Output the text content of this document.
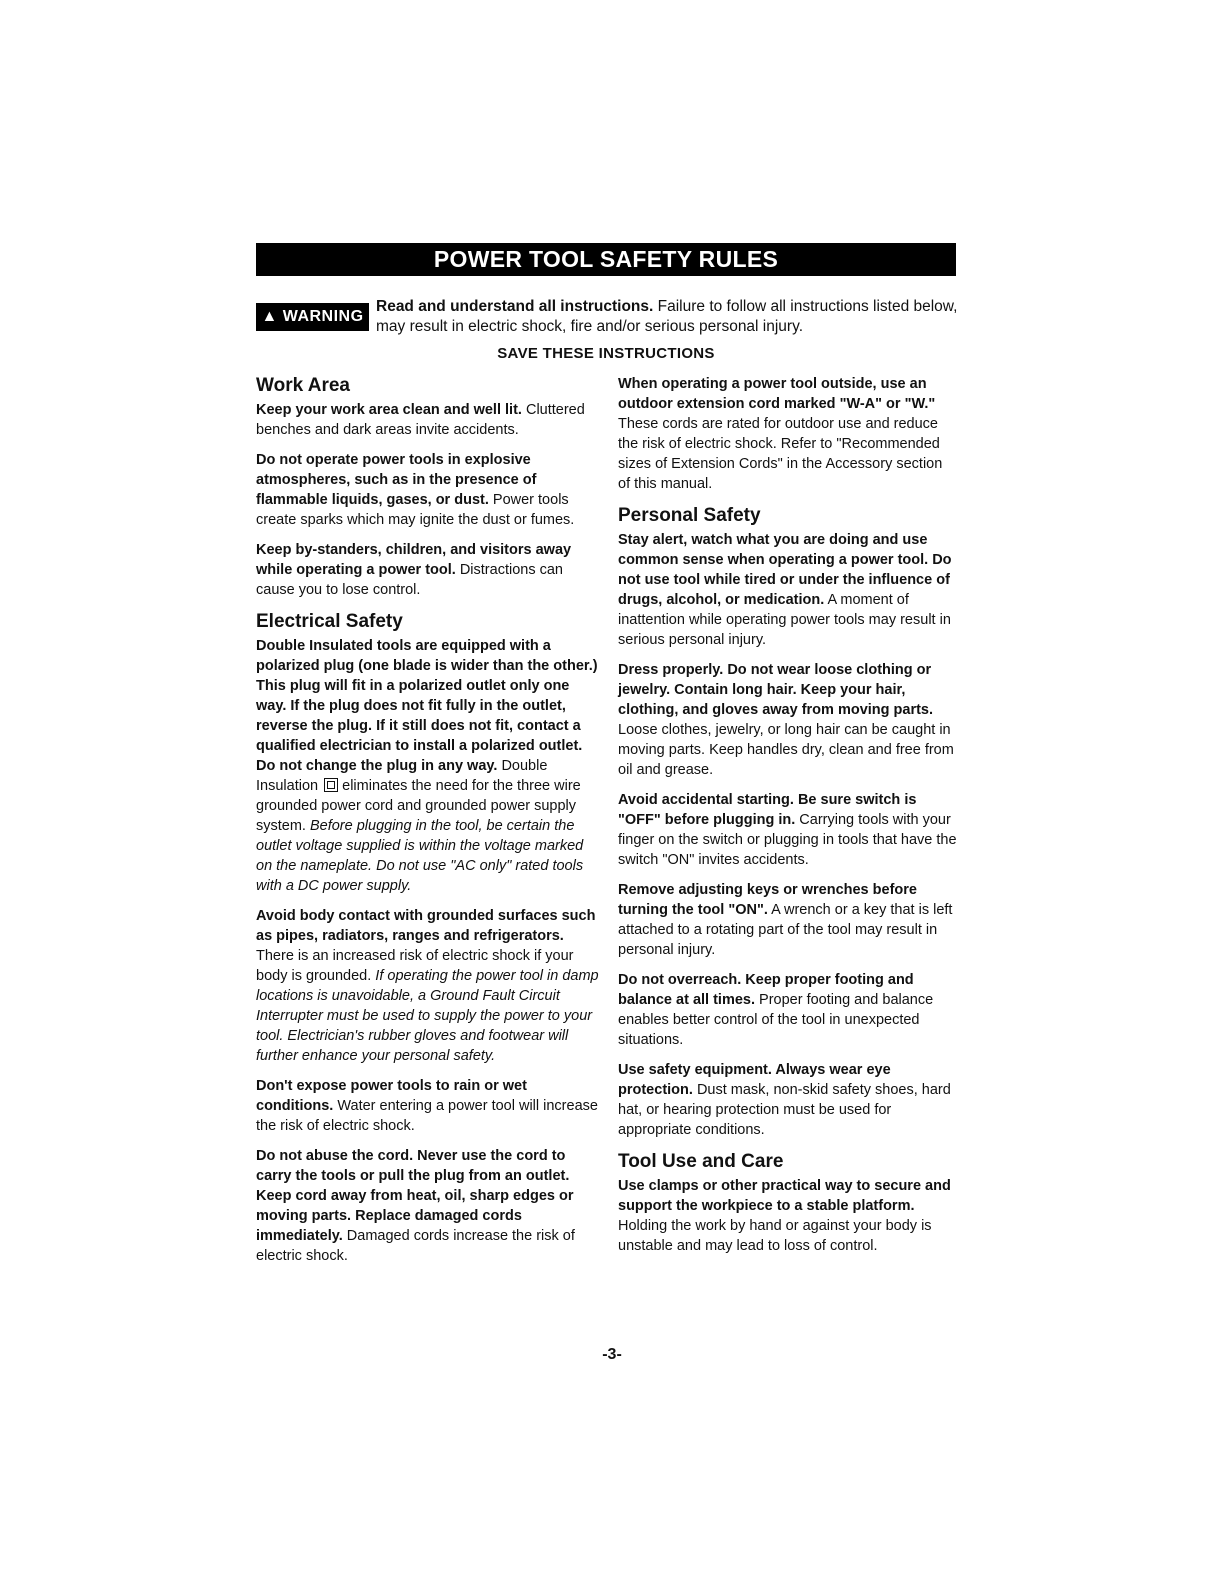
POWER TOOL SAFETY RULES
▲ WARNING
Read and understand all instructions. Failure to follow all instructions listed below, may result in electric shock, fire and/or serious personal injury.
SAVE THESE INSTRUCTIONS
Work Area

Keep your work area clean and well lit. Cluttered benches and dark areas invite accidents.

Do not operate power tools in explosive atmospheres, such as in the presence of flammable liquids, gases, or dust. Power tools create sparks which may ignite the dust or fumes.

Keep by-standers, children, and visitors away while operating a power tool. Distractions can cause you to lose control.

Electrical Safety

Double Insulated tools are equipped with a polarized plug (one blade is wider than the other.) This plug will fit in a polarized outlet only one way. If the plug does not fit fully in the outlet, reverse the plug. If it still does not fit, contact a qualified electrician to install a polarized outlet. Do not change the plug in any way. Double Insulation  eliminates the need for the three wire grounded power cord and grounded power supply system. Before plugging in the tool, be certain the outlet voltage supplied is within the voltage marked on the nameplate. Do not use "AC only" rated tools with a DC power supply.

Avoid body contact with grounded surfaces such as pipes, radiators, ranges and refrigerators. There is an increased risk of electric shock if your body is grounded. If operating the power tool in damp locations is unavoidable, a Ground Fault Circuit Interrupter must be used to supply the power to your tool. Electrician's rubber gloves and footwear will further enhance your personal safety.

Don't expose power tools to rain or wet conditions. Water entering a power tool will increase the risk of electric shock.

Do not abuse the cord. Never use the cord to carry the tools or pull the plug from an outlet. Keep cord away from heat, oil, sharp edges or moving parts. Replace damaged cords immediately. Damaged cords increase the risk of electric shock.

When operating a power tool outside, use an outdoor extension cord marked "W-A" or "W." These cords are rated for outdoor use and reduce the risk of electric shock. Refer to "Recommended sizes of Extension Cords" in the Accessory section of this manual.

Personal Safety

Stay alert, watch what you are doing and use common sense when operating a power tool. Do not use tool while tired or under the influence of drugs, alcohol, or medication. A moment of inattention while operating power tools may result in serious personal injury.

Dress properly. Do not wear loose clothing or jewelry. Contain long hair. Keep your hair, clothing, and gloves away from moving parts. Loose clothes, jewelry, or long hair can be caught in moving parts. Keep handles dry, clean and free from oil and grease.

Avoid accidental starting. Be sure switch is "OFF" before plugging in. Carrying tools with your finger on the switch or plugging in tools that have the switch "ON" invites accidents.

Remove adjusting keys or wrenches before turning the tool "ON". A wrench or a key that is left attached to a rotating part of the tool may result in personal injury.

Do not overreach. Keep proper footing and balance at all times. Proper footing and balance enables better control of the tool in unexpected situations.

Use safety equipment. Always wear eye protection. Dust mask, non-skid safety shoes, hard hat, or hearing protection must be used for appropriate conditions.

Tool Use and Care

Use clamps or other practical way to secure and support the workpiece to a stable platform. Holding the work by hand or against your body is unstable and may lead to loss of control.

-3-
